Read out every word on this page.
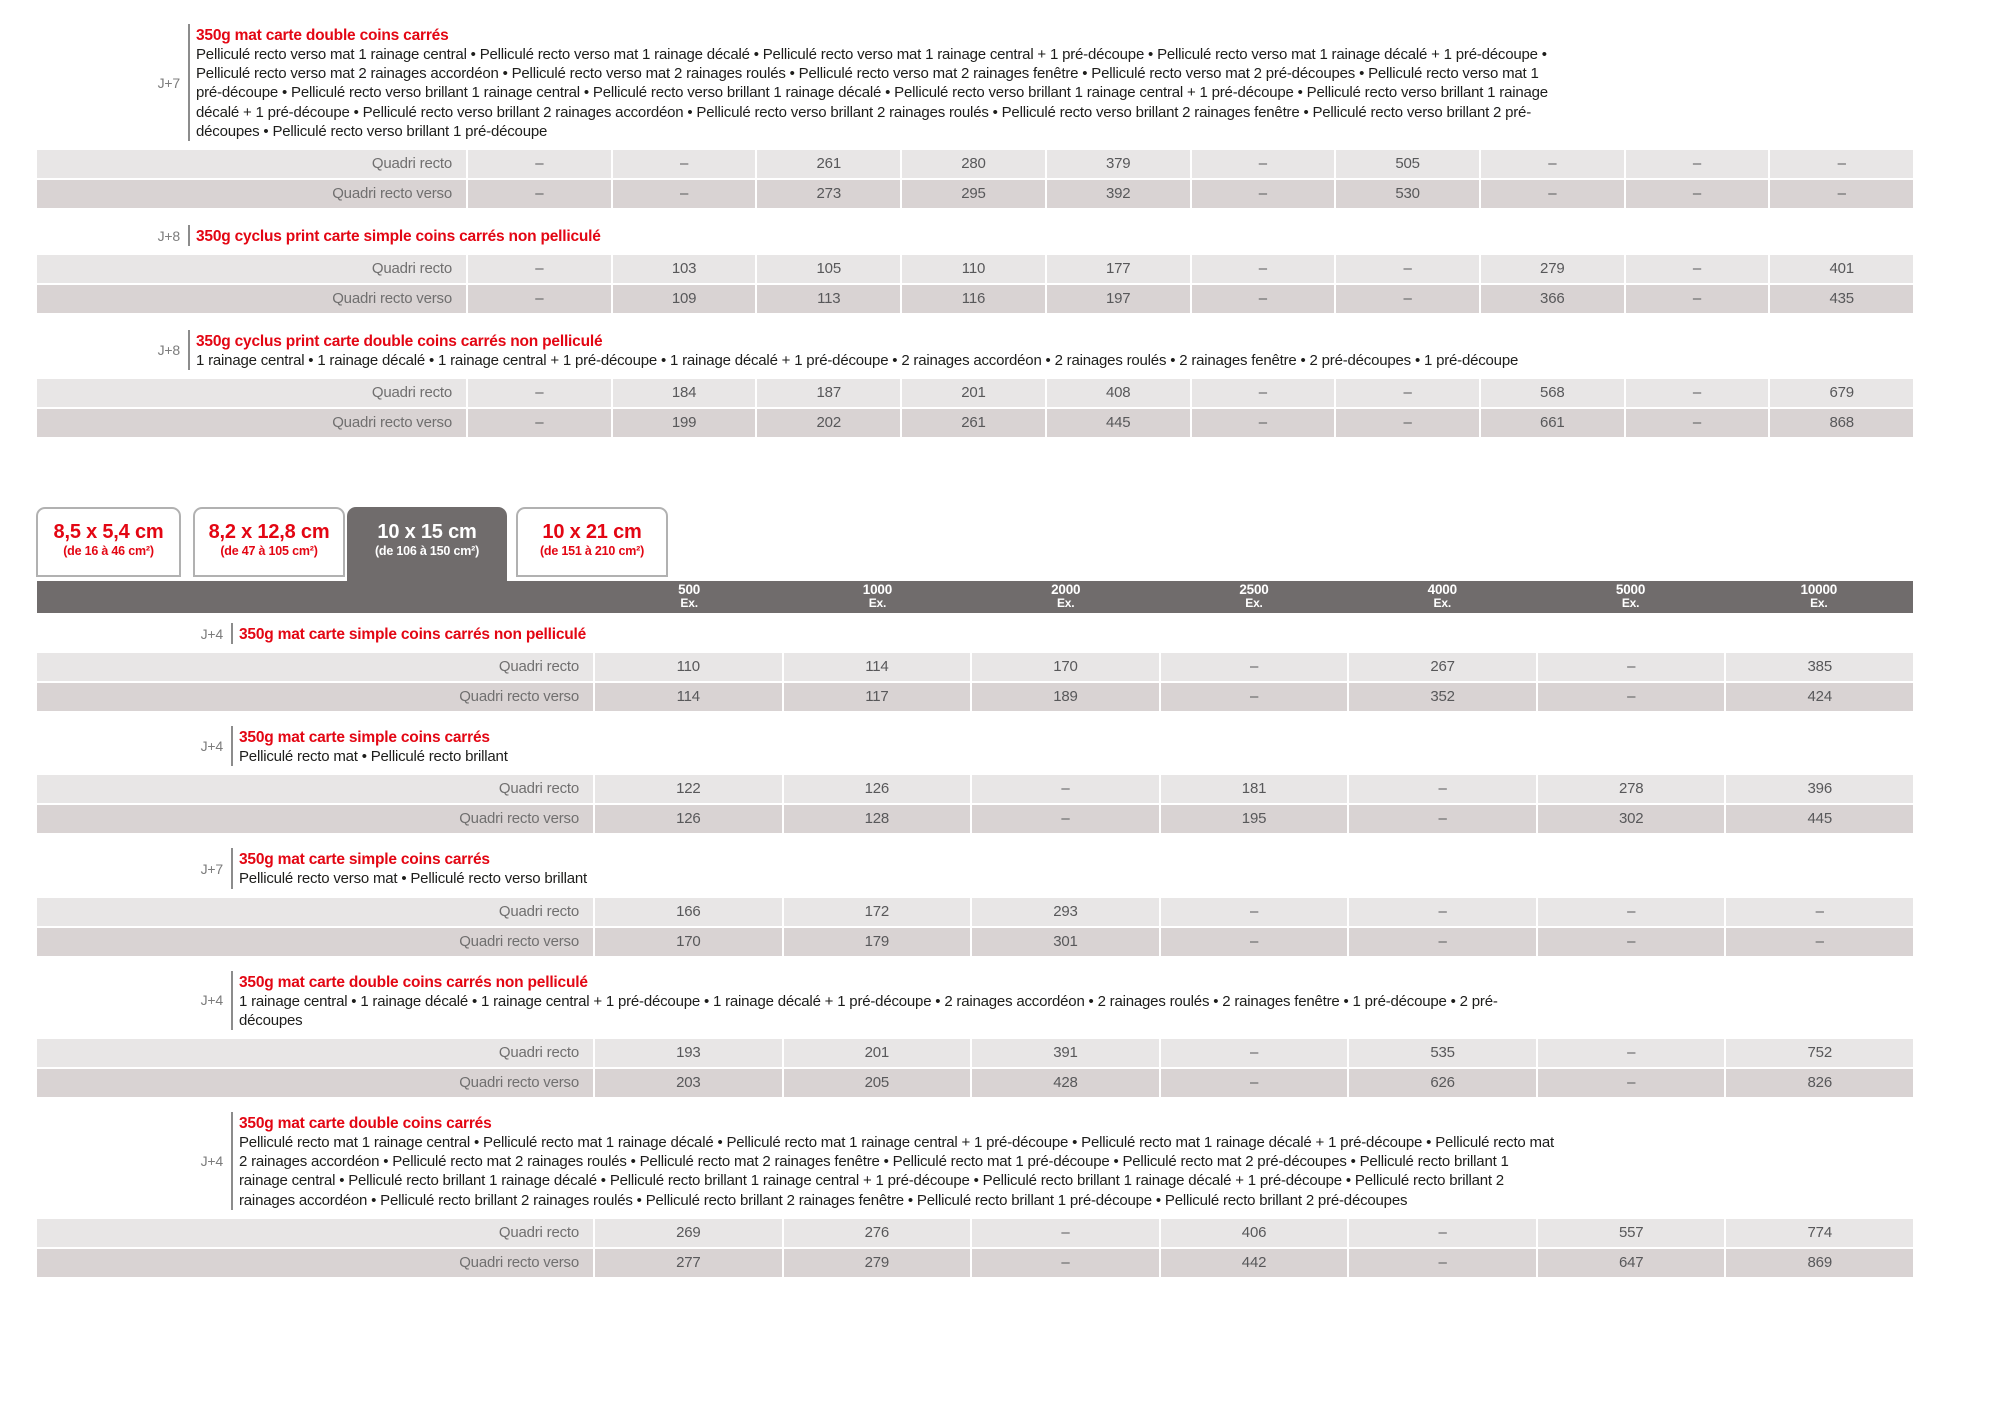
J+7
350g mat carte double coins carrés
Pelliculé recto verso mat 1 rainage central • Pelliculé recto verso mat 1 rainage décalé • Pelliculé recto verso mat 1 rainage central + 1 pré-découpe • Pelliculé recto verso mat 1 rainage décalé + 1 pré-découpe • Pelliculé recto verso mat 2 rainages accordéon • Pelliculé recto verso mat 2 rainages roulés • Pelliculé recto verso mat 2 rainages fenêtre • Pelliculé recto verso mat 2 pré-découpes • Pelliculé recto verso mat 1 pré-découpe • Pelliculé recto verso brillant 1 rainage central • Pelliculé recto verso brillant 1 rainage décalé • Pelliculé recto verso brillant 1 rainage central + 1 pré-découpe • Pelliculé recto verso brillant 1 rainage décalé + 1 pré-découpe • Pelliculé recto verso brillant 2 rainages accordéon • Pelliculé recto verso brillant 2 rainages roulés • Pelliculé recto verso brillant 2 rainages fenêtre • Pelliculé recto verso brillant 2 pré-découpes • Pelliculé recto verso brillant 1 pré-découpe
Quadri recto	–	–	261	280	379	–	505	–	–	–
Quadri recto verso	–	–	273	295	392	–	530	–	–	–
J+8 350g cyclus print carte simple coins carrés non pelliculé
Quadri recto	–	103	105	110	177	–	–	279	–	401
Quadri recto verso	–	109	113	116	197	–	–	366	–	435
J+8
350g cyclus print carte double coins carrés non pelliculé
1 rainage central • 1 rainage décalé • 1 rainage central + 1 pré-découpe • 1 rainage décalé + 1 pré-découpe • 2 rainages accordéon • 2 rainages roulés • 2 rainages fenêtre • 2 pré-découpes • 1 pré-découpe
Quadri recto	–	184	187	201	408	–	–	568	–	679
Quadri recto verso	–	199	202	261	445	–	–	661	–	868
500
Ex.
1000
Ex.
2000
Ex.
2500
Ex.
4000
Ex.
5000
Ex.
10000
Ex.
8,5 x 5,4 cm
(de 16 à 46 cm²)
8,2 x 12,8 cm
(de 47 à 105 cm²)
10 x 15 cm
(de 106 à 150 cm²)
10 x 21 cm
(de 151 à 210 cm²)
J+4 350g mat carte simple coins carrés non pelliculé
Quadri recto	110	114	170	–	267	–	385
Quadri recto verso	114	117	189	–	352	–	424
J+4
350g mat carte simple coins carrés
Pelliculé recto mat • Pelliculé recto brillant
Quadri recto	122	126	–	181	–	278	396
Quadri recto verso	126	128	–	195	–	302	445
J+7
350g mat carte simple coins carrés
Pelliculé recto verso mat • Pelliculé recto verso brillant
Quadri recto	166	172	293	–	–	–	–
Quadri recto verso	170	179	301	–	–	–	–
J+4
350g mat carte double coins carrés non pelliculé
1 rainage central • 1 rainage décalé • 1 rainage central + 1 pré-découpe • 1 rainage décalé + 1 pré-découpe • 2 rainages accordéon • 2 rainages roulés • 2 rainages fenêtre • 1 pré-découpe • 2 pré-découpes
Quadri recto	193	201	391	–	535	–	752
Quadri recto verso	203	205	428	–	626	–	826
J+4
350g mat carte double coins carrés
Pelliculé recto mat 1 rainage central • Pelliculé recto mat 1 rainage décalé • Pelliculé recto mat 1 rainage central + 1 pré-découpe • Pelliculé recto mat 1 rainage décalé + 1 pré-découpe • Pelliculé recto mat 2 rainages accordéon • Pelliculé recto mat 2 rainages roulés • Pelliculé recto mat 2 rainages fenêtre • Pelliculé recto mat 1 pré-découpe • Pelliculé recto mat 2 pré-découpes • Pelliculé recto brillant 1 rainage central • Pelliculé recto brillant 1 rainage décalé • Pelliculé recto brillant 1 rainage central + 1 pré-découpe • Pelliculé recto brillant 1 rainage décalé + 1 pré-découpe • Pelliculé recto brillant 2 rainages accordéon • Pelliculé recto brillant 2 rainages roulés • Pelliculé recto brillant 2 rainages fenêtre • Pelliculé recto brillant 1 pré-découpe • Pelliculé recto brillant 2 pré-découpes
Quadri recto	269	276	–	406	–	557	774
Quadri recto verso	277	279	–	442	–	647	869
